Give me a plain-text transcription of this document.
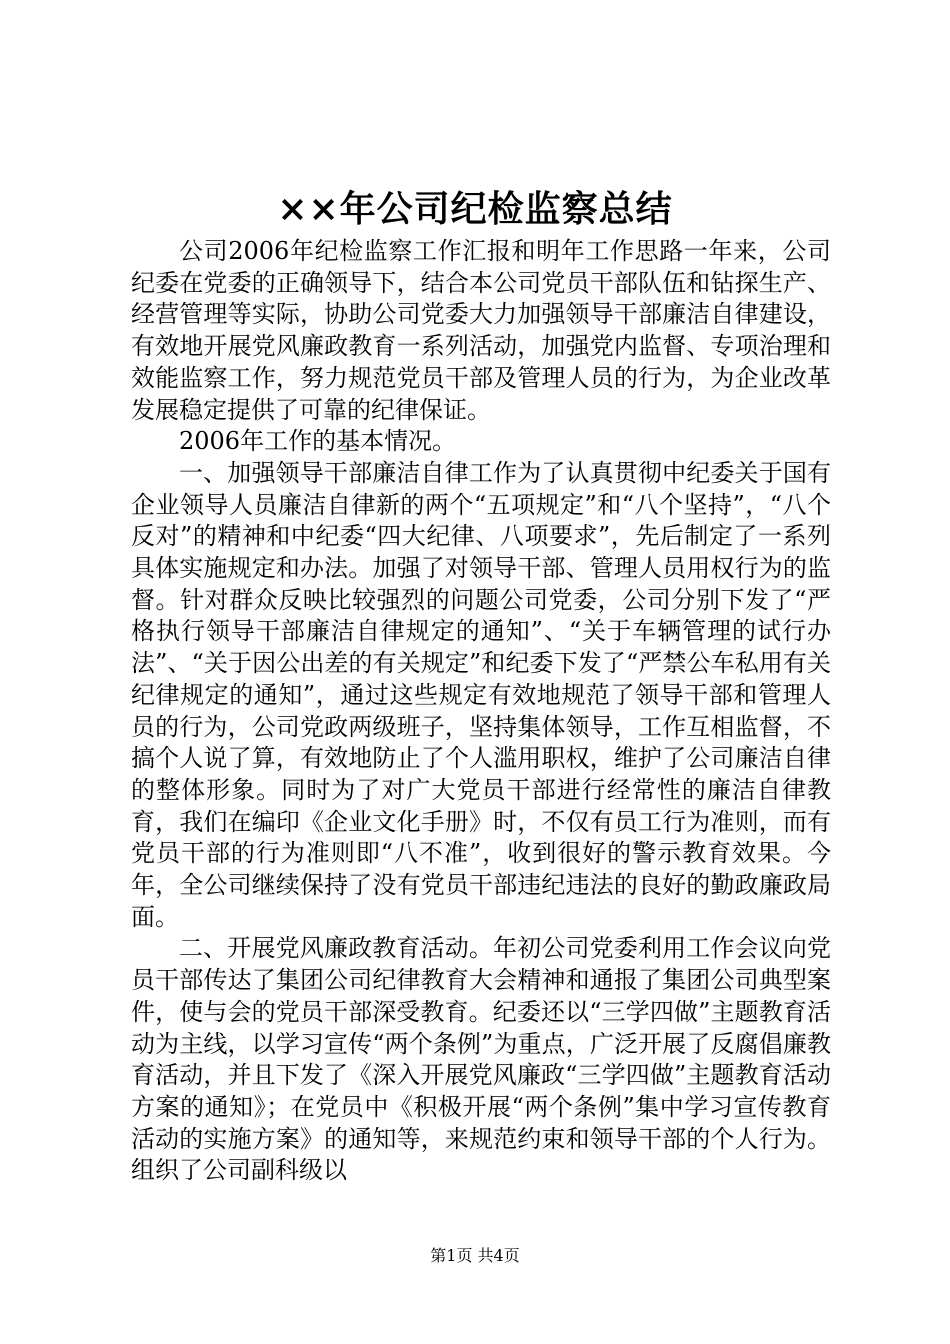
××年公司纪检监察总结

公司2006年纪检监察工作汇报和明年工作思路一年来，公司纪委在党委的正确领导下，结合本公司党员干部队伍和钻探生产、经营管理等实际，协助公司党委大力加强领导干部廉洁自律建设，有效地开展党风廉政教育一系列活动，加强党内监督、专项治理和效能监察工作，努力规范党员干部及管理人员的行为，为企业改革发展稳定提供了可靠的纪律保证。

2006年工作的基本情况。

一、加强领导干部廉洁自律工作为了认真贯彻中纪委关于国有企业领导人员廉洁自律新的两个“五项规定”和“八个坚持”，“八个反对”的精神和中纪委“四大纪律、八项要求”，先后制定了一系列具体实施规定和办法。加强了对领导干部、管理人员用权行为的监督。针对群众反映比较强烈的问题公司党委，公司分别下发了“严格执行领导干部廉洁自律规定的通知”、“关于车辆管理的试行办法”、“关于因公出差的有关规定”和纪委下发了“严禁公车私用有关纪律规定的通知”，通过这些规定有效地规范了领导干部和管理人员的行为，公司党政两级班子，坚持集体领导，工作互相监督，不搞个人说了算，有效地防止了个人滥用职权，维护了公司廉洁自律的整体形象。同时为了对广大党员干部进行经常性的廉洁自律教育，我们在编印《企业文化手册》时，不仅有员工行为准则，而有党员干部的行为准则即“八不准”，收到很好的警示教育效果。今年，全公司继续保持了没有党员干部违纪违法的良好的勤政廉政局面。

二、开展党风廉政教育活动。年初公司党委利用工作会议向党员干部传达了集团公司纪律教育大会精神和通报了集团公司典型案件，使与会的党员干部深受教育。纪委还以“三学四做”主题教育活动为主线，以学习宣传“两个条例”为重点，广泛开展了反腐倡廉教育活动，并且下发了《深入开展党风廉政“三学四做”主题教育活动方案的通知》；在党员中《积极开展“两个条例”集中学习宣传教育活动的实施方案》的通知等，来规范约束和领导干部的个人行为。组织了公司副科级以

第1页 共4页
